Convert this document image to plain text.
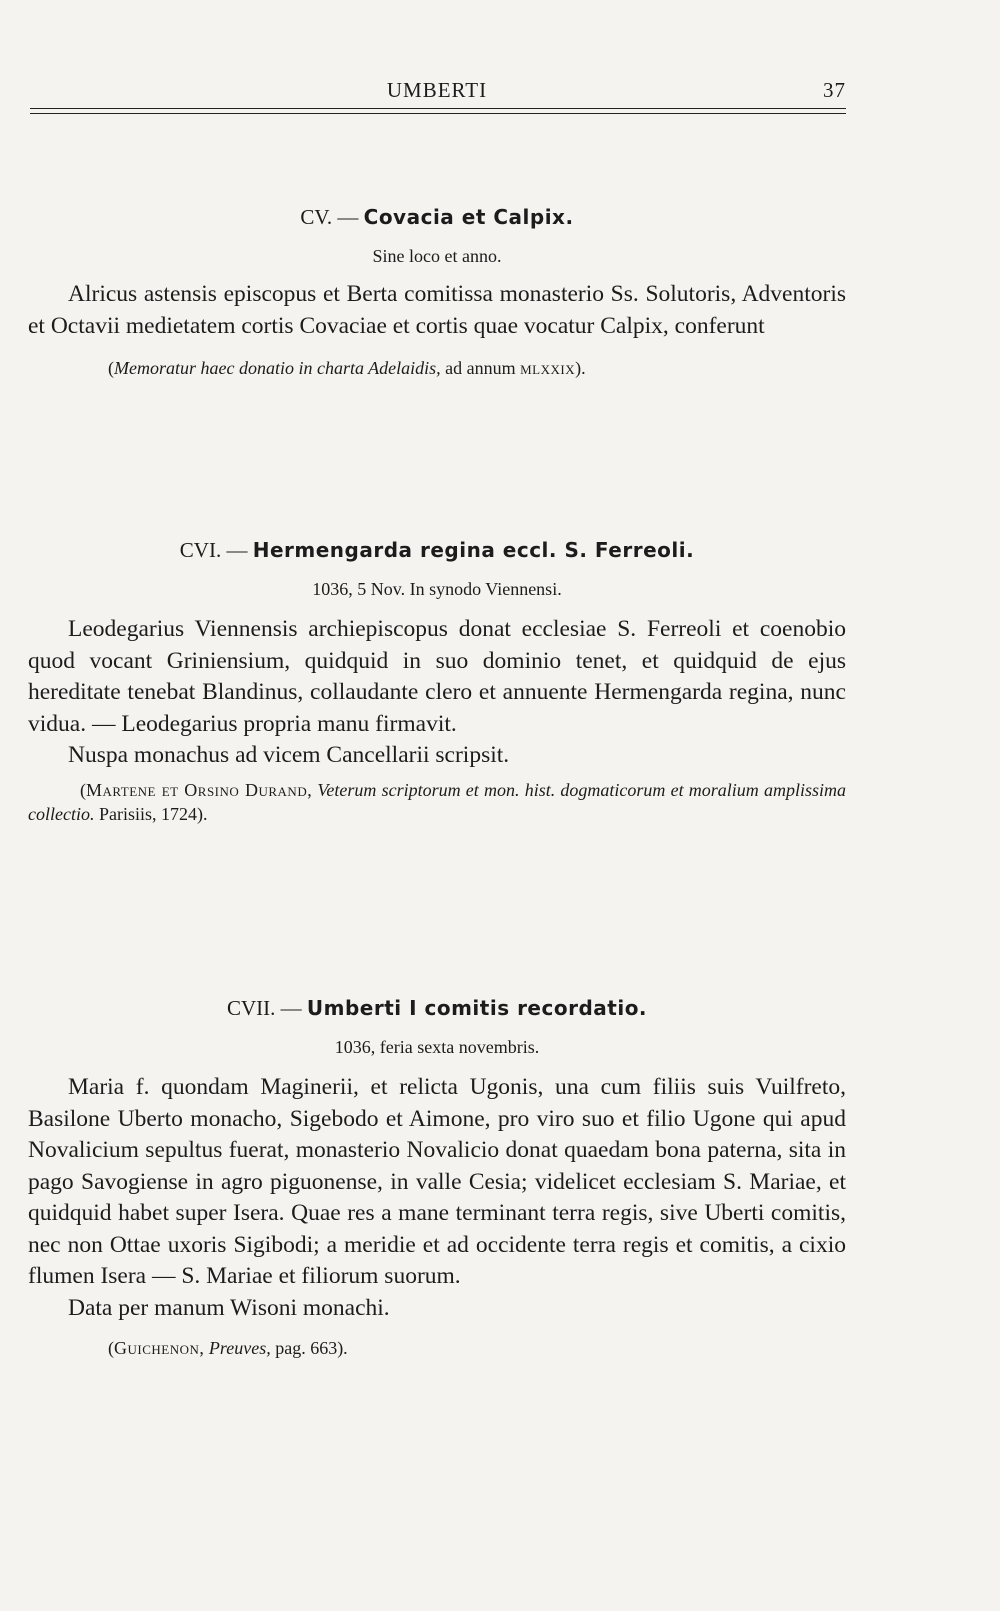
UMBERTI	37
CV. — Covacia et Calpix.
Sine loco et anno.

Alricus astensis episcopus et Berta comitissa monasterio Ss. Solutoris, Adventoris et Octavii medietatem cortis Covaciae et cortis quae vocatur Calpix, conferunt

(Memoratur haec donatio in charta Adelaidis, ad annum mlxxix).

CVI. — Hermengarda regina eccl. S. Ferreoli.
1036, 5 Nov. In synodo Viennensi.

Leodegarius Viennensis archiepiscopus donat ecclesiae S. Ferreoli et coenobio quod vocant Griniensium, quidquid in suo dominio tenet, et quidquid de ejus hereditate tenebat Blandinus, collaudante clero et annuente Hermengarda regina, nunc vidua. — Leodegarius propria manu firmavit.

Nuspa monachus ad vicem Cancellarii scripsit.

(Martene et Orsino Durand, Veterum scriptorum et mon. hist. dogmaticorum et moralium amplissima collectio. Parisiis, 1724).

CVII. — Umberti I comitis recordatio.
1036, feria sexta novembris.

Maria f. quondam Maginerii, et relicta Ugonis, una cum filiis suis Vuilfreto, Basilone Uberto monacho, Sigebodo et Aimone, pro viro suo et filio Ugone qui apud Novalicium sepultus fuerat, monasterio Novalicio donat quaedam bona paterna, sita in pago Savogiense in agro piguonense, in valle Cesia; videlicet ecclesiam S. Mariae, et quidquid habet super Isera. Quae res a mane terminant terra regis, sive Uberti comitis, nec non Ottae uxoris Sigibodi; a meridie et ad occidente terra regis et comitis, a cixio flumen Isera — S. Mariae et filiorum suorum.

Data per manum Wisoni monachi.

(Guichenon, Preuves, pag. 663).
